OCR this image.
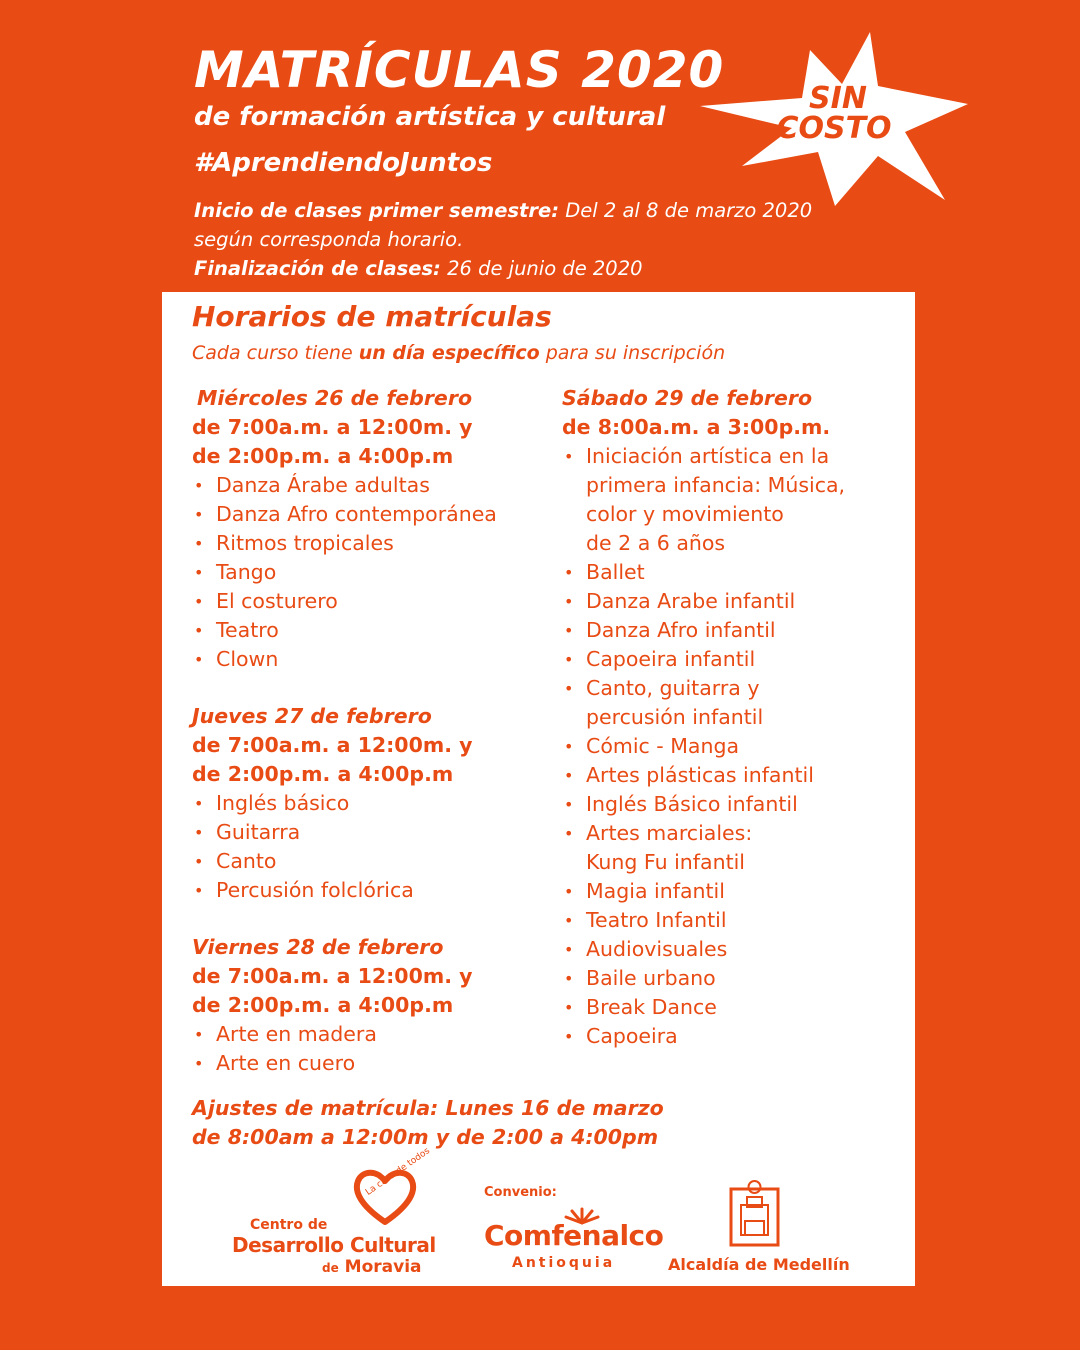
MATRÍCULAS 2020
de formación artística y cultural
#AprendiendoJuntos
SIN
COSTO
Inicio de clases primer semestre: Del 2 al 8 de marzo 2020
según corresponda horario.
Finalización de clases: 26 de junio de 2020
Horarios de matrículas
Cada curso tiene un día específico para su inscripción
Miércoles 26 de febrero
de 7:00a.m. a 12:00m. y
de 2:00p.m. a 4:00p.m
• Danza Árabe adultas
• Danza Afro contemporánea
• Ritmos tropicales
• Tango
• El costurero
• Teatro
• Clown
Jueves 27 de febrero
de 7:00a.m. a 12:00m. y
de 2:00p.m. a 4:00p.m
• Inglés básico
• Guitarra
• Canto
• Percusión folclórica
Viernes 28 de febrero
de 7:00a.m. a 12:00m. y
de 2:00p.m. a 4:00p.m
• Arte en madera
• Arte en cuero
Sábado 29 de febrero
de 8:00a.m. a 3:00p.m.
• Iniciación artística en la
primera infancia: Música,
color y movimiento
de 2 a 6 años
• Ballet
• Danza Arabe infantil
• Danza Afro infantil
• Capoeira infantil
• Canto, guitarra y
percusión infantil
• Cómic - Manga
• Artes plásticas infantil
• Inglés Básico infantil
• Artes marciales:
Kung Fu infantil
• Magia infantil
• Teatro Infantil
• Audiovisuales
• Baile urbano
• Break Dance
• Capoeira
Ajustes de matrícula: Lunes 16 de marzo
de 8:00am a 12:00m y de 2:00 a 4:00pm
La casa de todos
Centro de
Desarrollo Cultural
de Moravia
Convenio:
Comfenalco
Antioquia	Alcaldía de Medellín
